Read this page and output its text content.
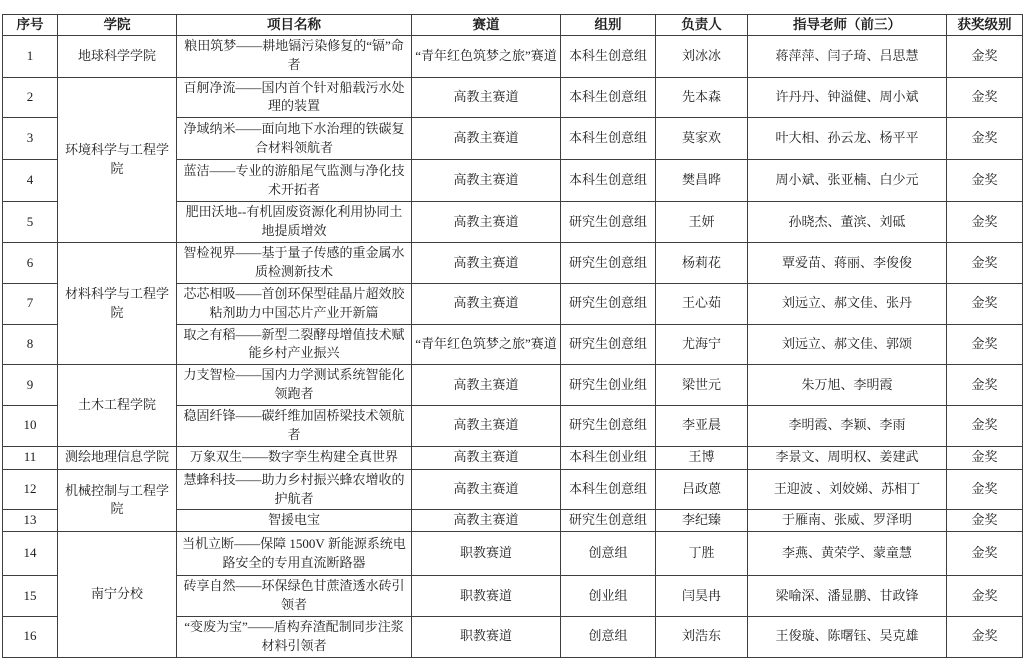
序号	学院	项目名称	赛道	组别	负责人	指导老师（前三）	获奖级别
1	地球科学学院	粮田筑梦——耕地镉污染修复的“镉”命者	“青年红色筑梦之旅”赛道	本科生创意组	刘冰冰	蒋萍萍、闫子琦、吕思慧	金奖
2	环境科学与工程学院	百舸净流——国内首个针对船载污水处理的装置	高教主赛道	本科生创意组	先本森	许丹丹、钟溢健、周小斌	金奖
3		净域纳米——面向地下水治理的铁碳复合材料领航者	高教主赛道	本科生创意组	莫家欢	叶大相、孙云龙、杨平平	金奖
4		蓝洁——专业的游船尾气监测与净化技术开拓者	高教主赛道	本科生创意组	樊昌晔	周小斌、张亚楠、白少元	金奖
5		肥田沃地--有机固废资源化利用协同土地提质增效	高教主赛道	研究生创意组	王妍	孙晓杰、董滨、刘砥	金奖
6	材料科学与工程学院	智检视界——基于量子传感的重金属水质检测新技术	高教主赛道	研究生创意组	杨莉花	覃爱苗、蒋丽、李俊俊	金奖
7		芯芯相吸——首创环保型硅晶片超效胶粘剂助力中国芯片产业开新篇	高教主赛道	研究生创意组	王心茹	刘远立、郝文佳、张丹	金奖
8		取之有稻——新型二裂酵母增值技术赋能乡村产业振兴	“青年红色筑梦之旅”赛道	研究生创意组	尤海宁	刘远立、郝文佳、郭颂	金奖
9	土木工程学院	力支智检——国内力学测试系统智能化领跑者	高教主赛道	研究生创业组	梁世元	朱万旭、李明霞	金奖
10		稳固纤锋——碳纤维加固桥梁技术领航者	高教主赛道	研究生创意组	李亚晨	李明霞、李颖、李雨	金奖
11	测绘地理信息学院	万象双生——数字孪生构建全真世界	高教主赛道	本科生创业组	王博	李景文、周明权、姜建武	金奖
12	机械控制与工程学院	慧蜂科技——助力乡村振兴蜂农增收的护航者	高教主赛道	本科生创意组	吕政蒽	王迎波 、刘姣娣、苏相丁	金奖
13		智援电宝	高教主赛道	研究生创意组	李纪臻	于雁南、张威、罗泽明	金奖
14	南宁分校	当机立断——保障 1500V 新能源系统电路安全的专用直流断路器	职教赛道	创意组	丁胜	李燕、黄荣学、蒙童慧	金奖
15		砖享自然——环保绿色甘蔗渣透水砖引领者	职教赛道	创业组	闫昊冉	梁喻深、潘显鹏、甘政锋	金奖
16		“变废为宝”——盾构弃渣配制同步注浆材料引领者	职教赛道	创意组	刘浩东	王俊璇、陈曙钰、吴克雄	金奖
